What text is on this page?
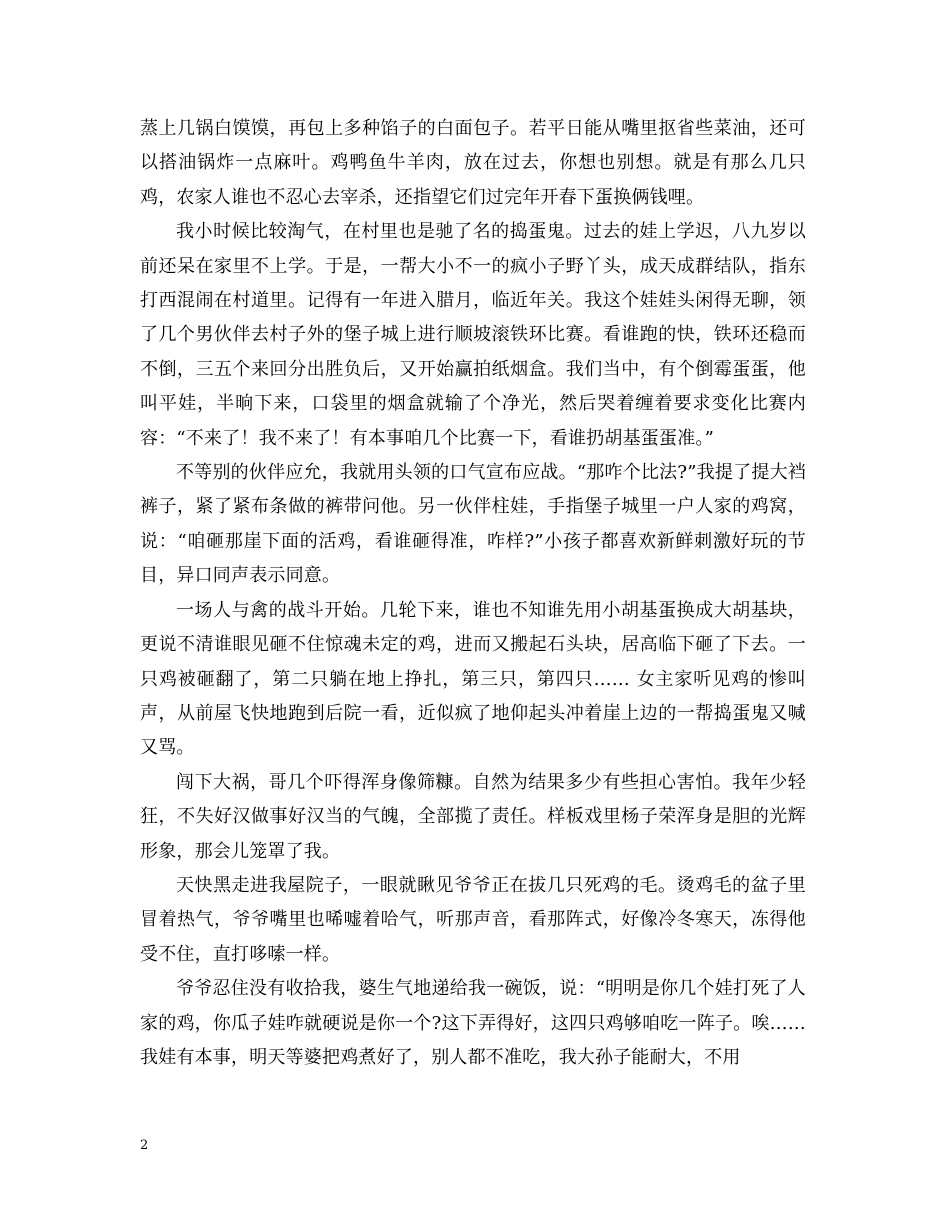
蒸上几锅白馍馍，再包上多种馅子的白面包子。若平日能从嘴里抠省些菜油，还可以搭油锅炸一点麻叶。鸡鸭鱼牛羊肉，放在过去，你想也别想。就是有那么几只鸡，农家人谁也不忍心去宰杀，还指望它们过完年开春下蛋换俩钱哩。

我小时候比较淘气，在村里也是驰了名的捣蛋鬼。过去的娃上学迟，八九岁以前还呆在家里不上学。于是，一帮大小不一的疯小子野丫头，成天成群结队，指东打西混闹在村道里。记得有一年进入腊月，临近年关。我这个娃娃头闲得无聊，领了几个男伙伴去村子外的堡子城上进行顺坡滚铁环比赛。看谁跑的快，铁环还稳而不倒，三五个来回分出胜负后，又开始赢拍纸烟盒。我们当中，有个倒霉蛋蛋，他叫平娃，半晌下来，口袋里的烟盒就输了个净光，然后哭着缠着要求变化比赛内容：“不来了！我不来了！有本事咱几个比赛一下，看谁扔胡基蛋蛋准。”

不等别的伙伴应允，我就用头领的口气宣布应战。“那咋个比法?”我提了提大裆裤子，紧了紧布条做的裤带问他。另一伙伴柱娃，手指堡子城里一户人家的鸡窝，说：“咱砸那崖下面的活鸡，看谁砸得准，咋样?”小孩子都喜欢新鲜刺激好玩的节目，异口同声表示同意。

一场人与禽的战斗开始。几轮下来，谁也不知谁先用小胡基蛋换成大胡基块，更说不清谁眼见砸不住惊魂未定的鸡，进而又搬起石头块，居高临下砸了下去。一只鸡被砸翻了，第二只躺在地上挣扎，第三只，第四只…… 女主家听见鸡的惨叫声，从前屋飞快地跑到后院一看，近似疯了地仰起头冲着崖上边的一帮捣蛋鬼又喊又骂。

闯下大祸，哥几个吓得浑身像筛糠。自然为结果多少有些担心害怕。我年少轻狂，不失好汉做事好汉当的气魄，全部揽了责任。样板戏里杨子荣浑身是胆的光辉形象，那会儿笼罩了我。

天快黑走进我屋院子，一眼就瞅见爷爷正在拔几只死鸡的毛。烫鸡毛的盆子里冒着热气，爷爷嘴里也唏嘘着哈气，听那声音，看那阵式，好像冷冬寒天，冻得他受不住，直打哆嗦一样。

爷爷忍住没有收拾我，婆生气地递给我一碗饭，说：“明明是你几个娃打死了人家的鸡，你瓜子娃咋就硬说是你一个?这下弄得好，这四只鸡够咱吃一阵子。唉…… 我娃有本事，明天等婆把鸡煮好了，别人都不准吃，我大孙子能耐大，不用

2
